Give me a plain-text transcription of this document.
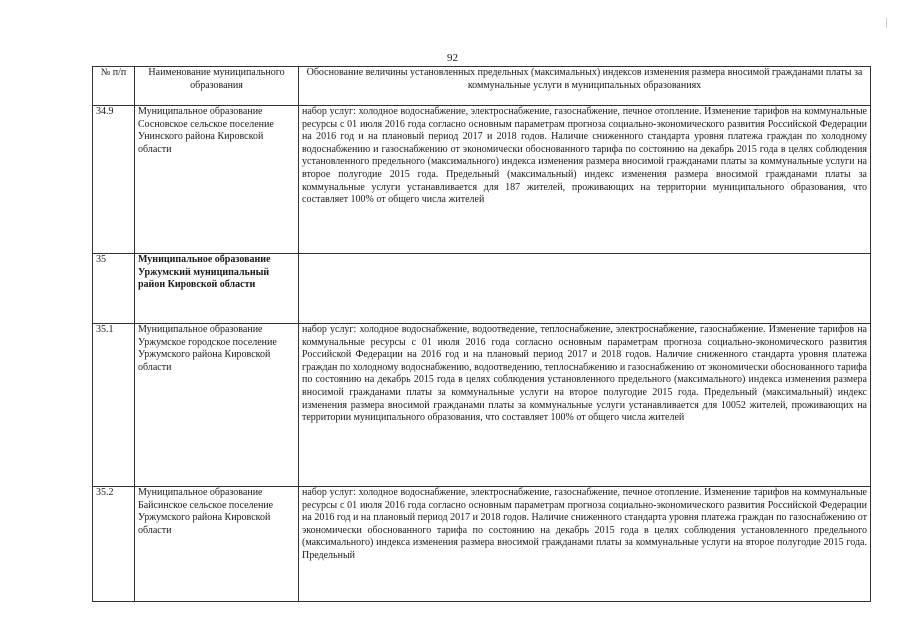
92
№ п/п	Наименование муниципального образования	Обоснование величины установленных предельных (максимальных) индексов изменения размера вносимой гражданами платы за коммунальные услуги в муниципальных образованиях
34.9	Муниципальное образование Сосновское сельское поселение Унинского района Кировской области	набор услуг: холодное водоснабжение, электроснабжение, газоснабжение, печное отопление. Изменение тарифов на коммунальные ресурсы с 01 июля 2016 года согласно основным параметрам прогноза социально-экономического развития Российской Федерации на 2016 год и на плановый период 2017 и 2018 годов. Наличие сниженного стандарта уровня платежа граждан по холодному водоснабжению и газоснабжению от экономически обоснованного тарифа по состоянию на декабрь 2015 года в целях соблюдения установленного предельного (максимального) индекса изменения размера вносимой гражданами платы за коммунальные услуги на второе полугодие 2015 года. Предельный (максимальный) индекс изменения размера вносимой гражданами платы за коммунальные услуги устанавливается для 187 жителей, проживающих на территории муниципального образования, что составляет 100% от общего числа жителей
35	Муниципальное образование Уржумский муниципальный район Кировской области	
35.1	Муниципальное образование Уржумское городское поселение Уржумского района Кировской области	набор услуг: холодное водоснабжение, водоотведение, теплоснабжение, электроснабжение, газоснабжение. Изменение тарифов на коммунальные ресурсы с 01 июля 2016 года согласно основным параметрам прогноза социально-экономического развития Российской Федерации на 2016 год и на плановый период 2017 и 2018 годов. Наличие сниженного стандарта уровня платежа граждан по холодному водоснабжению, водоотведению, теплоснабжению и газоснабжению от экономически обоснованного тарифа по состоянию на декабрь 2015 года в целях соблюдения установленного предельного (максимального) индекса изменения размера вносимой гражданами платы за коммунальные услуги на второе полугодие 2015 года. Предельный (максимальный) индекс изменения размера вносимой гражданами платы за коммунальные услуги устанавливается для 10052 жителей, проживающих на территории муниципального образования, что составляет 100% от общего числа жителей
35.2	Муниципальное образование Байсинское сельское поселение Уржумского района Кировской области	набор услуг: холодное водоснабжение, электроснабжение, газоснабжение, печное отопление. Изменение тарифов на коммунальные ресурсы с 01 июля 2016 года согласно основным параметрам прогноза социально-экономического развития Российской Федерации на 2016 год и на плановый период 2017 и 2018 годов. Наличие сниженного стандарта уровня платежа граждан по газоснабжению от экономически обоснованного тарифа по состоянию на декабрь 2015 года в целях соблюдения установленного предельного (максимального) индекса изменения размера вносимой гражданами платы за коммунальные услуги на второе полугодие 2015 года. Предельный
